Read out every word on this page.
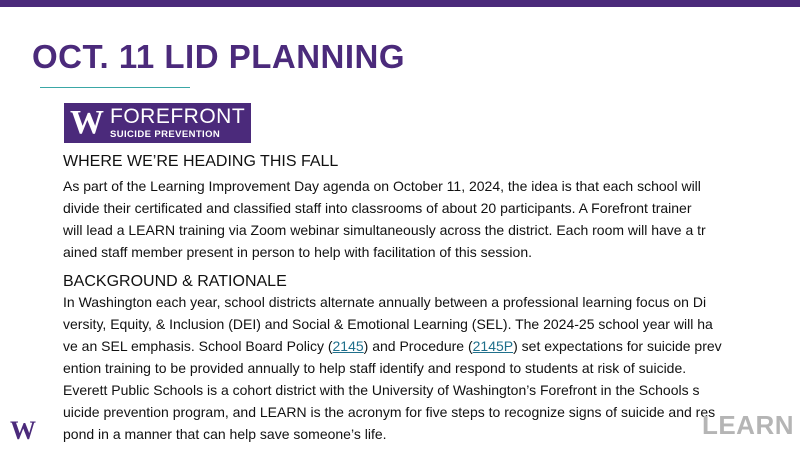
OCT. 11 LID PLANNING
W FOREFRONT
SUICIDE PREVENTION
WHERE WE’RE HEADING THIS FALL
As part of the Learning Improvement Day agenda on October 11, 2024, the idea is that each school will
divide their certificated and classified staff into classrooms of about 20 participants. A Forefront trainer
will lead a LEARN training via Zoom webinar simultaneously across the district. Each room will have a tr
ained staff member present in person to help with facilitation of this session.
BACKGROUND & RATIONALE
In Washington each year, school districts alternate annually between a professional learning focus on Di
versity, Equity, & Inclusion (DEI) and Social & Emotional Learning (SEL). The 2024-25 school year will ha
ve an SEL emphasis. School Board Policy (2145) and Procedure (2145P) set expectations for suicide prev
ention training to be provided annually to help staff identify and respond to students at risk of suicide.
Everett Public Schools is a cohort district with the University of Washington’s Forefront in the Schools s
uicide prevention program, and LEARN is the acronym for five steps to recognize signs of suicide and res
pond in a manner that can help save someone’s life.
W	LEARN
